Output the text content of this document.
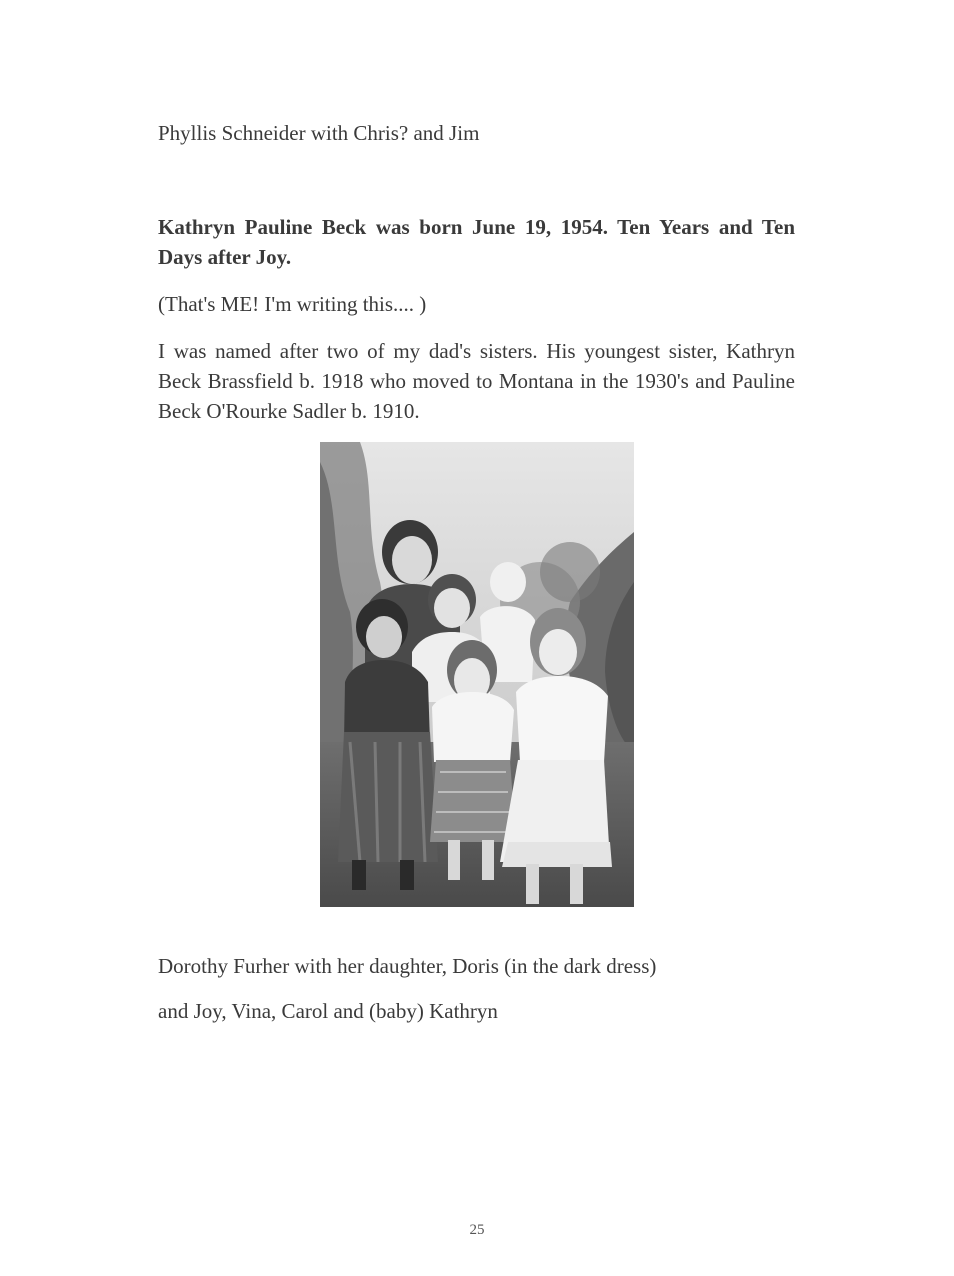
Phyllis Schneider with Chris? and Jim

Kathryn Pauline Beck was born June 19, 1954. Ten Years and Ten Days after Joy.

(That's ME! I'm writing this.... )

I was named after two of my dad's sisters. His youngest sister, Kathryn Beck Brassfield b. 1918 who moved to Montana in the 1930's and Pauline Beck O'Rourke Sadler b. 1910.

Dorothy Furher with her daughter, Doris (in the dark dress)

and Joy, Vina, Carol and (baby) Kathryn

25
